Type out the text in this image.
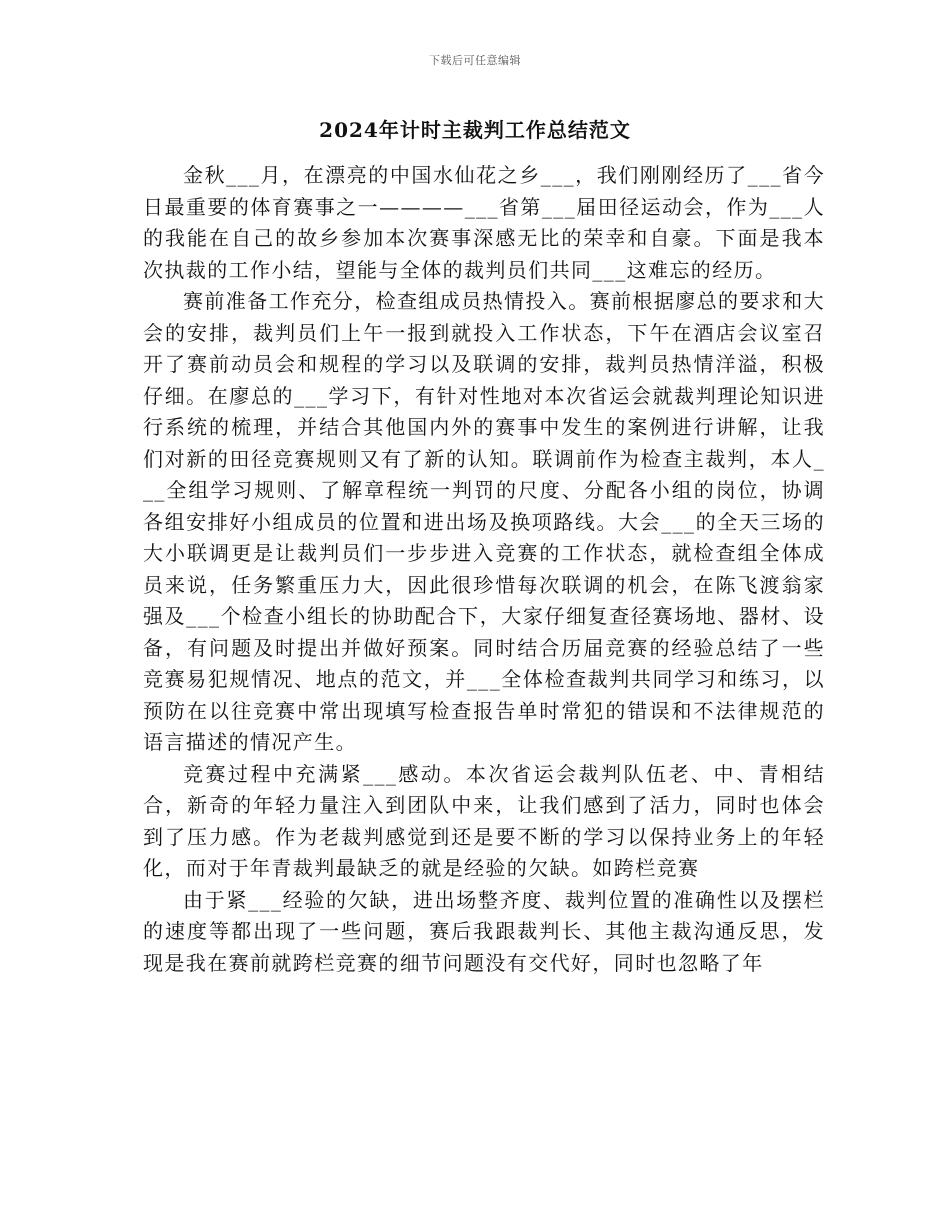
下载后可任意编辑
2024年计时主裁判工作总结范文

金秋___月，在漂亮的中国水仙花之乡___，我们刚刚经历了___省今日最重要的体育赛事之一————___省第___届田径运动会，作为___人的我能在自己的故乡参加本次赛事深感无比的荣幸和自豪。下面是我本次执裁的工作小结，望能与全体的裁判员们共同___这难忘的经历。

赛前准备工作充分，检查组成员热情投入。赛前根据廖总的要求和大会的安排，裁判员们上午一报到就投入工作状态，下午在酒店会议室召开了赛前动员会和规程的学习以及联调的安排，裁判员热情洋溢，积极仔细。在廖总的___学习下，有针对性地对本次省运会就裁判理论知识进行系统的梳理，并结合其他国内外的赛事中发生的案例进行讲解，让我们对新的田径竞赛规则又有了新的认知。联调前作为检查主裁判，本人___全组学习规则、了解章程统一判罚的尺度、分配各小组的岗位，协调各组安排好小组成员的位置和进出场及换项路线。大会___的全天三场的大小联调更是让裁判员们一步步进入竞赛的工作状态，就检查组全体成员来说，任务繁重压力大，因此很珍惜每次联调的机会，在陈飞渡翁家强及___个检查小组长的协助配合下，大家仔细复查径赛场地、器材、设备，有问题及时提出并做好预案。同时结合历届竞赛的经验总结了一些竞赛易犯规情况、地点的范文，并___全体检查裁判共同学习和练习，以预防在以往竞赛中常出现填写检查报告单时常犯的错误和不法律规范的语言描述的情况产生。

竞赛过程中充满紧___感动。本次省运会裁判队伍老、中、青相结合，新奇的年轻力量注入到团队中来，让我们感到了活力，同时也体会到了压力感。作为老裁判感觉到还是要不断的学习以保持业务上的年轻化，而对于年青裁判最缺乏的就是经验的欠缺。如跨栏竞赛

由于紧___经验的欠缺，进出场整齐度、裁判位置的准确性以及摆栏的速度等都出现了一些问题，赛后我跟裁判长、其他主裁沟通反思，发现是我在赛前就跨栏竞赛的细节问题没有交代好，同时也忽略了年
